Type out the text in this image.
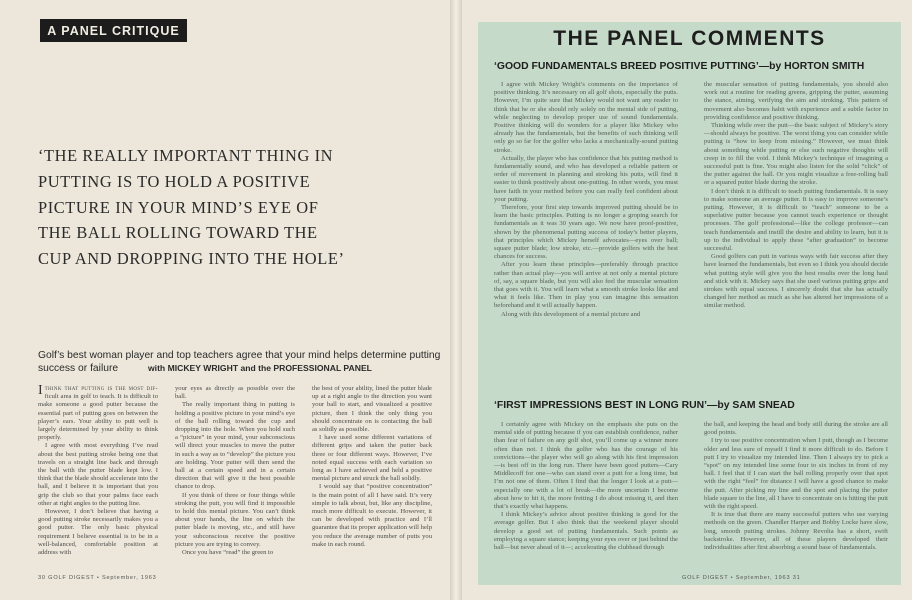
A PANEL CRITIQUE
‘THE REALLY IMPORTANT THING IN
PUTTING IS TO HOLD A POSITIVE
PICTURE IN YOUR MIND’S EYE OF
THE BALL ROLLING TOWARD THE
CUP AND DROPPING INTO THE HOLE’
Golf’s best woman player and top teachers agree that your mind helps determine putting success or failure	with MICKEY WRIGHT and the PROFESSIONAL PANEL

Ithink that putting is the most dif- ficult area in golf to teach. It is difficult to make someone a good putter because the essential part of putting goes on between the player’s ears. Your ability to putt well is largely determined by your ability to think properly.

I agree with most everything I’ve read about the best putting stroke being one that travels on a straight line back and through the ball with the putter blade kept low. I think that the blade should accelerate into the ball, and I believe it is important that you grip the club so that your palms face each other at right angles to the putting line.

However, I don’t believe that having a good putting stroke necessarily makes you a good putter. The only basic physical requirement I believe essential is to be in a well-balanced, comfortable position at address with

your eyes as directly as possible over the ball.

The really important thing in putting is holding a positive picture in your mind’s eye of the ball rolling toward the cup and dropping into the hole. When you hold such a “picture” in your mind, your subconscious will direct your muscles to move the putter in such a way as to “develop” the picture you are holding. Your putter will then send the ball at a certain speed and in a certain direction that will give it the best possible chance to drop.

If you think of three or four things while stroking the putt, you will find it impossible to hold this mental picture. You can’t think about your hands, the line on which the putter blade is moving, etc., and still have your subconscious receive the positive picture you are trying to convey.

Once you have “read” the green to

the best of your ability, lined the putter blade up at a right angle to the direction you want your ball to start, and visualized a positive picture, then I think the only thing you should concentrate on is contacting the ball as solidly as possible.

I have used some different variations of different grips and taken the putter back three or four different ways. However, I’ve noted equal success with each variation so long as I have achieved and held a positive mental picture and struck the ball solidly.

I would say that “positive concentration” is the main point of all I have said. It’s very simple to talk about, but, like any discipline, much more difficult to execute. However, it can be developed with practice and I’ll guarantee that its proper application will help you reduce the average number of putts you make in each round.

30 GOLF DIGEST • September, 1963
THE PANEL COMMENTS
‘GOOD FUNDAMENTALS BREED POSITIVE PUTTING’—by HORTON SMITH

I agree with Mickey Wright’s comments on the importance of positive thinking. It’s necessary on all golf shots, especially the putts. However, I’m quite sure that Mickey would not want any reader to think that he or she should rely solely on the mental side of putting, while neglecting to develop proper use of sound fundamentals. Positive thinking will do wonders for a player like Mickey who already has the fundamentals, but the benefits of such thinking will only go so far for the golfer who lacks a mechanically-sound putting stroke.

Actually, the player who has confidence that his putting method is fundamentally sound, and who has developed a reliable pattern or order of movement in planning and stroking his putts, will find it easier to think positively about one-putting. In other words, you must have faith in your method before you can really feel confident about your putting.

Therefore, your first step towards improved putting should be to learn the basic principles. Putting is no longer a groping search for fundamentals as it was 30 years ago. We now have proof-positive, shown by the phenomenal putting success of today’s better players, that principles which Mickey herself advocates—eyes over ball; square putter blade; low stroke, etc.—provide golfers with the best chances for success.

After you learn these principles—preferably through practice rather than actual play—you will arrive at not only a mental picture of, say, a square blade, but you will also feel the muscular sensation that goes with it. You will learn what a smooth stroke looks like and what it feels like. Then in play you can imagine this sensation beforehand and it will actually happen.

Along with this development of a mental picture and

the muscular sensation of putting fundamentals, you should also work out a routine for reading greens, gripping the putter, assuming the stance, aiming, verifying the aim and stroking. This pattern of movement also becomes habit with experience and a subtle factor in providing confidence and positive thinking.

Thinking while over the putt—the basic subject of Mickey’s story—should always be positive. The worst thing you can consider while putting is “how to keep from missing.” However, we must think about something while putting or else such negative thoughts will creep in to fill the void. I think Mickey’s technique of imagining a successful putt is fine. You might also listen for the solid “click” of the putter against the ball. Or you might visualize a free-rolling ball or a squared putter blade during the stroke.

I don’t think it is difficult to teach putting fundamentals. It is easy to make someone an average putter. It is easy to improve someone’s putting. However, it is difficult to “teach” someone to be a superlative putter because you cannot teach experience or thought processes. The golf professional—like the college professor—can teach fundamentals and instill the desire and ability to learn, but it is up to the individual to apply these “after graduation” to become successful.

Good golfers can putt in various ways with fair success after they have learned the fundamentals, but even so I think you should decide what putting style will give you the best results over the long haul and stick with it. Mickey says that she used various putting grips and strokes with equal success. I sincerely doubt that she has actually changed her method as much as she has altered her impressions of a similar method.

‘FIRST IMPRESSIONS BEST IN LONG RUN’—by SAM SNEAD

I certainly agree with Mickey on the emphasis she puts on the mental side of putting because if you can establish confidence, rather than fear of failure on any golf shot, you’ll come up a winner more often than not. I think the golfer who has the courage of his convictions—the player who will go along with his first impression—is best off in the long run. There have been good putters—Cary Middlecoff for one—who can stand over a putt for a long time, but I’m not one of them. Often I find that the longer I look at a putt—especially one with a lot of break—the more uncertain I become about how to hit it, the more fretting I do about missing it, and then that’s exactly what happens.

I think Mickey’s advice about positive thinking is good for the average golfer. But I also think that the weekend player should develop a good set of putting fundamentals. Such points as employing a square stance; keeping your eyes over or just behind the ball—but never ahead of it—; accelerating the clubhead through

the ball, and keeping the head and body still during the stroke are all good points.

I try to use positive concentration when I putt, though as I become older and less sure of myself I find it more difficult to do. Before I putt I try to visualize my intended line. Then I always try to pick a “spot” on my intended line some four to six inches in front of my ball. I feel that if I can start the ball rolling properly over that spot with the right “feel” for distance I will have a good chance to make the putt. After picking my line and the spot and placing the putter blade square to the line, all I have to concentrate on is hitting the putt with the right speed.

It is true that there are many successful putters who use varying methods on the green. Chandler Harper and Bobby Locke have slow, long, smooth putting strokes. Johnny Revolta has a short, swift backstroke. However, all of these players developed their individualities after first absorbing a sound base of fundamentals.

GOLF DIGEST • September, 1963 31
